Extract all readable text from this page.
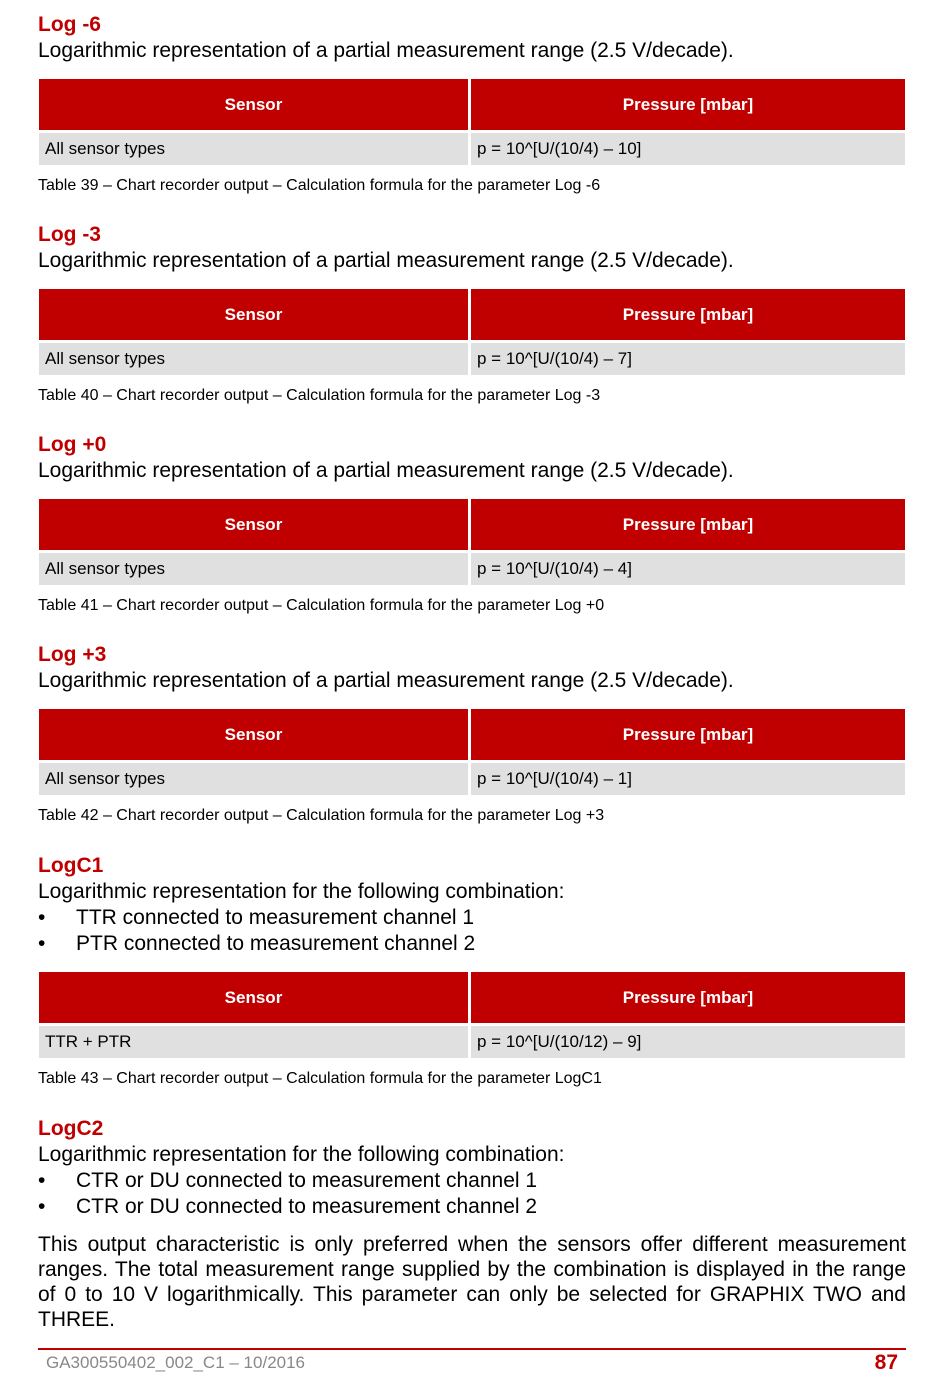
Log -6

Logarithmic representation of a partial measurement range (2.5 V/decade).

Sensor	Pressure [mbar]
All sensor types	p = 10^[U/(10/4) – 10]

Table 39 – Chart recorder output – Calculation formula for the parameter Log -6

Log -3

Logarithmic representation of a partial measurement range (2.5 V/decade).

Sensor	Pressure [mbar]
All sensor types	p = 10^[U/(10/4) – 7]

Table 40 – Chart recorder output – Calculation formula for the parameter Log -3

Log +0

Logarithmic representation of a partial measurement range (2.5 V/decade).

Sensor	Pressure [mbar]
All sensor types	p = 10^[U/(10/4) – 4]

Table 41 – Chart recorder output – Calculation formula for the parameter Log +0

Log +3

Logarithmic representation of a partial measurement range (2.5 V/decade).

Sensor	Pressure [mbar]
All sensor types	p = 10^[U/(10/4) – 1]

Table 42 – Chart recorder output – Calculation formula for the parameter Log +3

LogC1

Logarithmic representation for the following combination:

•	TTR connected to measurement channel 1
•	PTR connected to measurement channel 2
Sensor	Pressure [mbar]
TTR + PTR	p = 10^[U/(10/12) – 9]

Table 43 – Chart recorder output – Calculation formula for the parameter LogC1

LogC2

Logarithmic representation for the following combination:

•	CTR or DU connected to measurement channel 1
•	CTR or DU connected to measurement channel 2

This output characteristic is only preferred when the sensors offer different measurement ranges. The total measurement range supplied by the combination is displayed in the range of 0 to 10 V logarithmically. This parameter can only be selected for GRAPHIX TWO and THREE.

GA300550402_002_C1 – 10/2016	87
